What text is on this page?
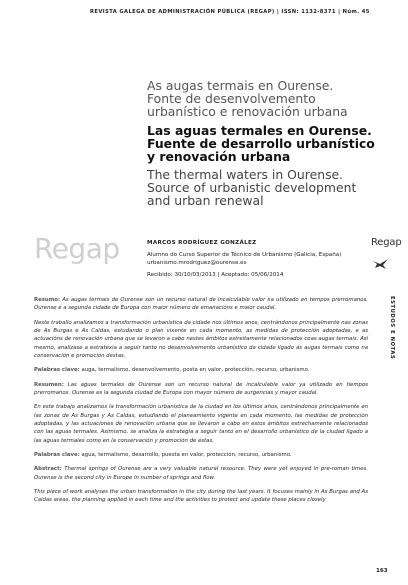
REVISTA GALEGA DE ADMINISTRACIÓN PÚBLICA (REGAP) | ISSN: 1132-8371 | Núm. 45
As augas termais en Ourense.
Fonte de desenvolvemento
urbanístico e renovación urbana
Las aguas termales en Ourense.
Fuente de desarrollo urbanístico
y renovación urbana
The thermal waters in Ourense.
Source of urbanistic development
and urban renewal
Regap	MARCOS RODRÍGUEZ GONZÁLEZ
Alumno do Curso Superior de Técnico de Urbanismo (Galicia, España)
urbanismo.mrodriguez@ourense.es
Recibido: 30/10/03/2013 | Aceptado: 05/06/2014
Regap
ESTUDOS E NOTAS

Resumo: As augas termais de Ourense son un recurso natural de incalculable valor xa utilizado en tempos prerromanos. Ourense é a segunda cidade de Europa con maior número de emanacións e maior caudal.

Neste traballo analizamos a transformación urbanística da cidade nos últimos anos, centrándonos principalmente nas zonas de As Burgas e As Caldas, estudando o plan vixente en cada momento, as medidas de protección adoptadas, e as actuacións de renovación urbana que se levaron a cabo nestes ámbitos estreitamente relacionados coas augas termais. Así mesmo, analízase a estratexia a seguir tanto no desenvolvemento urbanístico da cidade ligado ás augas termais como na conservación e promoción destas.

Palabras clave: auga, termalismo, desenvolvemento, posta en valor, protección, recurso, urbanismo.

Resumen: Las aguas termales de Ourense son un recurso natural de incalculable valor ya utilizado en tiempos prerromanos. Ourense es la segunda ciudad de Europa con mayor número de surgencias y mayor caudal.

En este trabajo analizamos la transformación urbanística de la ciudad en los últimos años, centrándonos principalmente en las zonas de As Burgas y As Caldas, estudiando el planeamiento vigente en cada momento, las medidas de protección adoptadas, y las actuaciones de renovación urbana que se llevaron a cabo en estos ámbitos estrechamente relacionados con las aguas termales. Asimismo, se analiza la estrategia a seguir tanto en el desarrollo urbanístico de la ciudad ligado a las aguas termales como en la conservación y promoción de éstas.

Palabras clave: agua, termalismo, desarrollo, puesta en valor, protección, recurso, urbanismo.

Abstract: Thermal springs of Ourense are a very valuable natural resource. They were yet enjoyed in pre-roman times. Ourense is the second city in Europe in number of springs and flow.

This piece of work analyses the urban transformation in the city during the last years. It focuses mainly in As Burgas and As Caldas areas, the planning applied in each time and the activities to protect and update these places closely

163
